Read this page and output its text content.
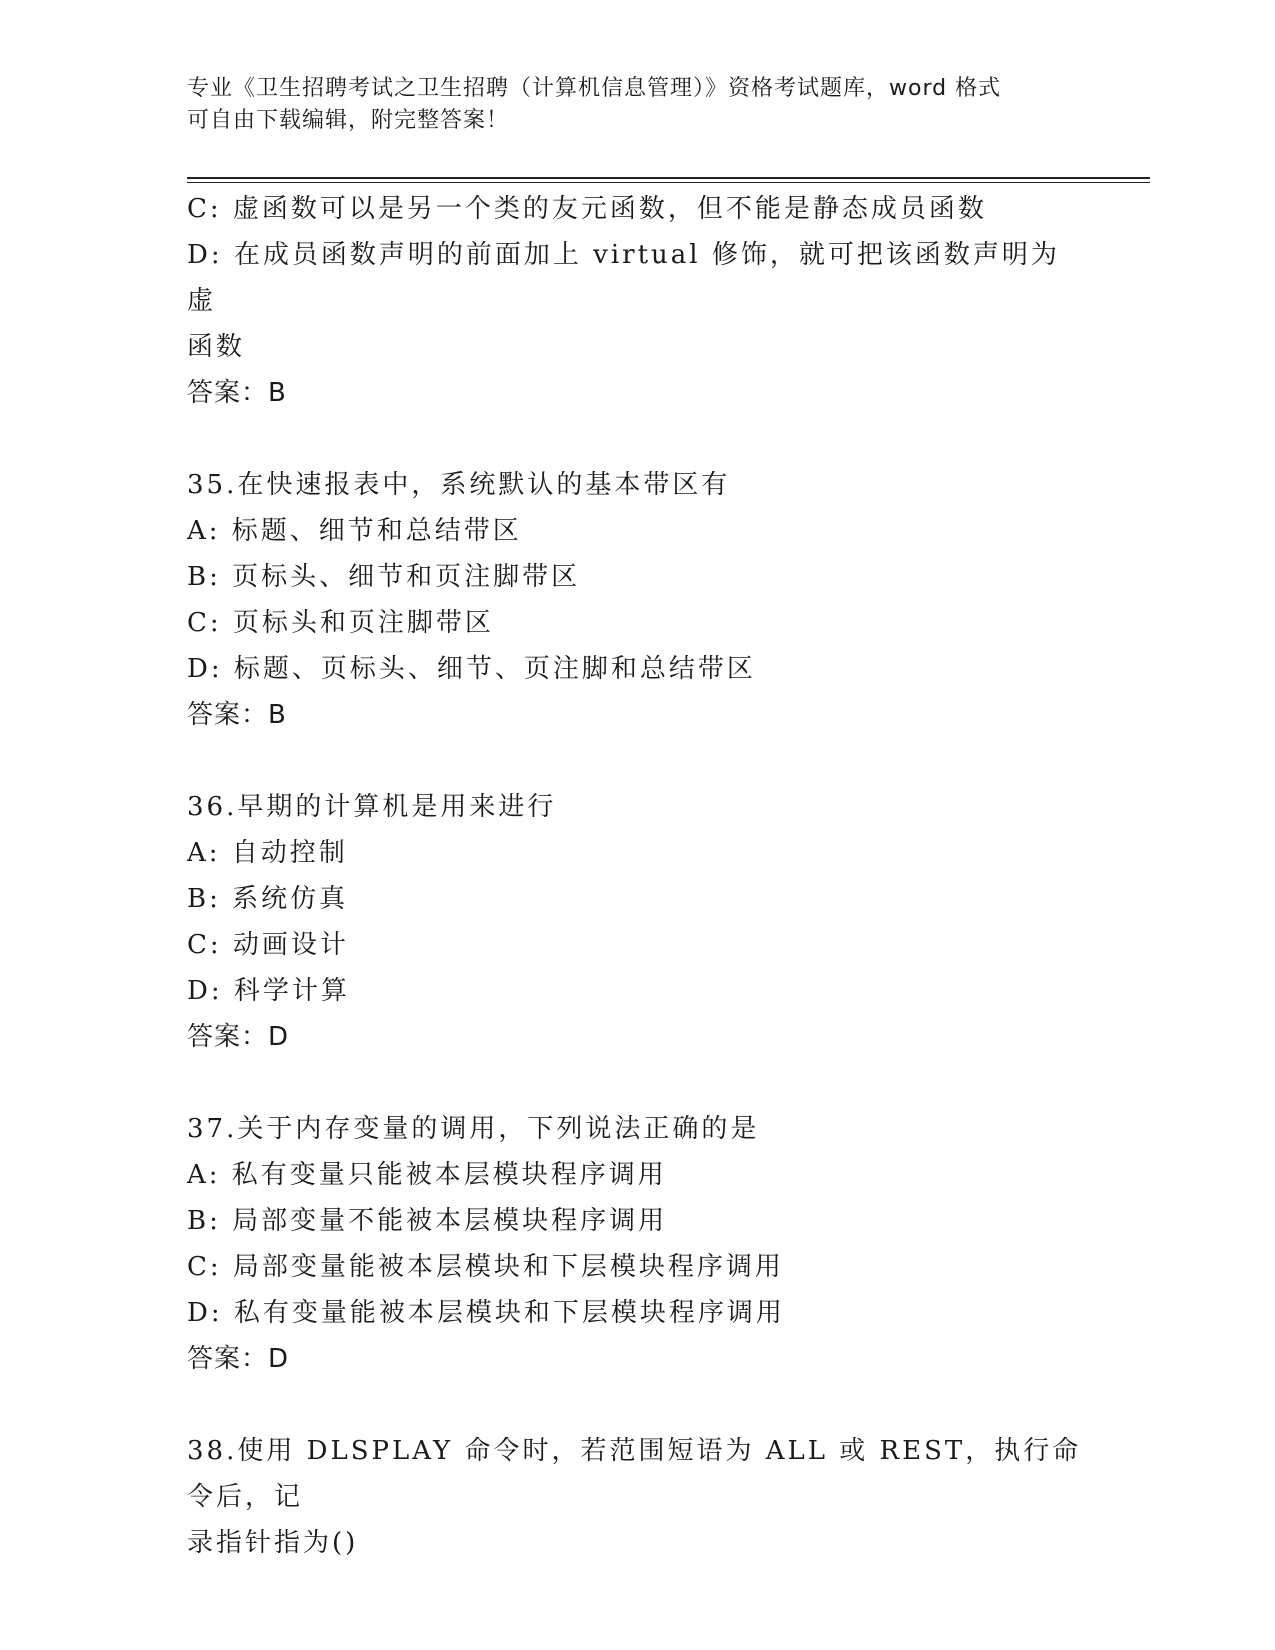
专业《卫生招聘考试之卫生招聘（计算机信息管理）》资格考试题库，word 格式
可自由下载编辑，附完整答案！
C: 虚函数可以是另一个类的友元函数，但不能是静态成员函数
D: 在成员函数声明的前面加上 virtual 修饰，就可把该函数声明为虚
函数
答案：B
35.在快速报表中，系统默认的基本带区有
A: 标题、细节和总结带区
B: 页标头、细节和页注脚带区
C: 页标头和页注脚带区
D: 标题、页标头、细节、页注脚和总结带区
答案：B
36.早期的计算机是用来进行
A: 自动控制
B: 系统仿真
C: 动画设计
D: 科学计算
答案：D
37.关于内存变量的调用，下列说法正确的是
A: 私有变量只能被本层模块程序调用
B: 局部变量不能被本层模块程序调用
C: 局部变量能被本层模块和下层模块程序调用
D: 私有变量能被本层模块和下层模块程序调用
答案：D
38.使用 DLSPLAY 命令时，若范围短语为 ALL 或 REST，执行命令后，记
录指针指为()
